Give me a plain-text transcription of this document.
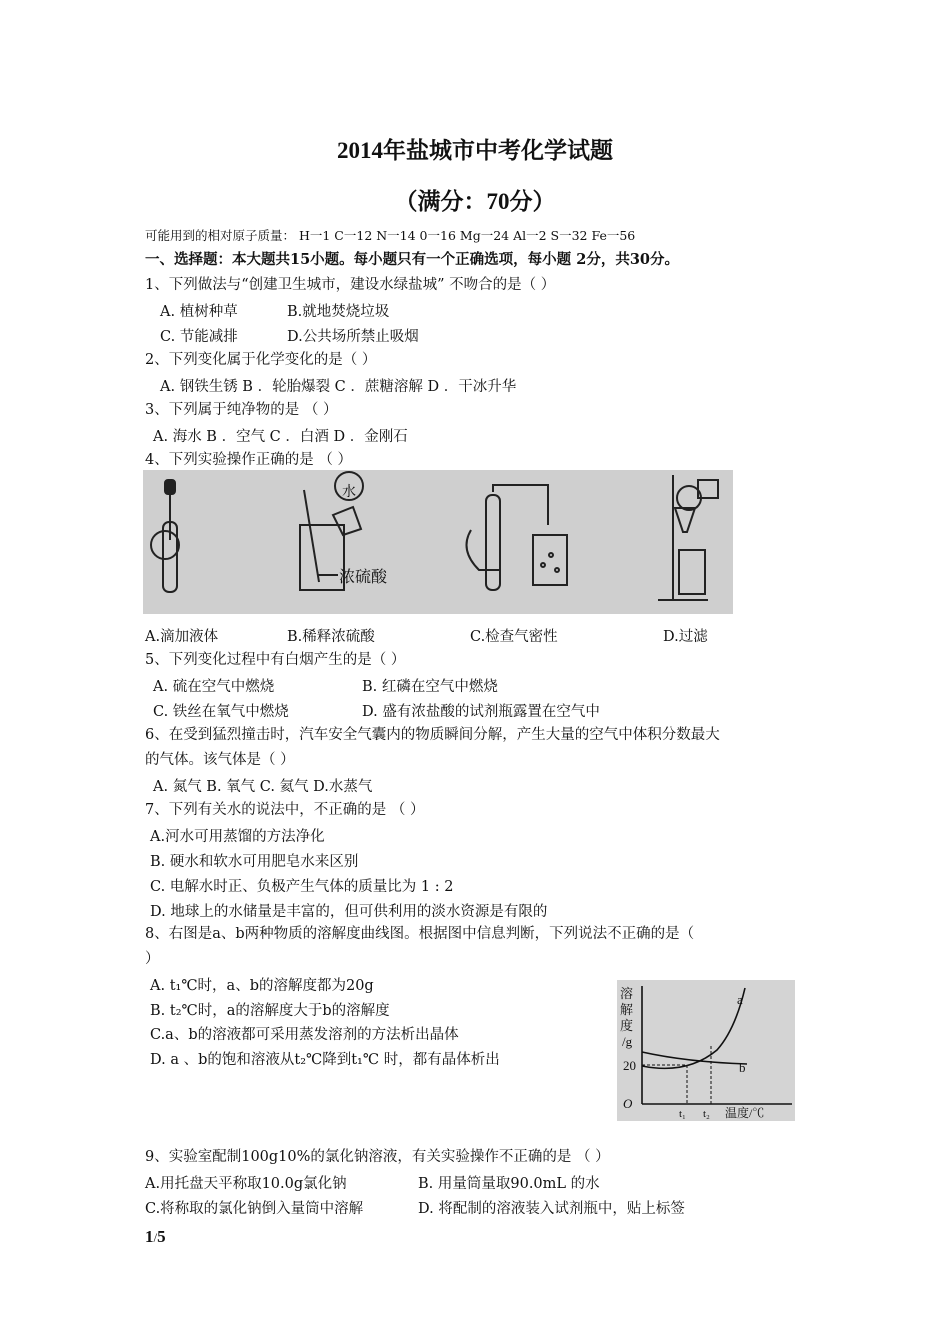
2014年盐城市中考化学试题
（满分：70分）
可能用到的相对原子质量： H一1 C一12 N一14 0一16 Mg一24 Al一2 S一32 Fe一56
一、选择题：本大题共15小题。每小题只有一个正确选项，每小题 2分，共30分。
1、下列做法与“创建卫生城市，建设水绿盐城” 不吻合的是（ ）
A. 植树种草	B.就地焚烧垃圾
C. 节能减排	D.公共场所禁止吸烟
2、下列变化属于化学变化的是（ ）
A. 钢铁生锈 B ．轮胎爆裂 C ．蔗糖溶解 D ．干冰升华
3、下列属于纯净物的是 （ ）
A. 海水 B ．空气 C ．白酒 D ．金刚石
4、下列实验操作正确的是 （ ）
水
浓硫酸
A.滴加液体	B.稀释浓硫酸	C.检查气密性	D.过滤
5、下列变化过程中有白烟产生的是（ ）
A. 硫在空气中燃烧	B. 红磷在空气中燃烧
C. 铁丝在氧气中燃烧	D. 盛有浓盐酸的试剂瓶露置在空气中
6、在受到猛烈撞击时，汽车安全气囊内的物质瞬间分解，产生大量的空气中体积分数最大
的气体。该气体是（ ）
A. 氮气 B. 氧气 C. 氦气 D.水蒸气
7、下列有关水的说法中，不正确的是 （ ）
A.河水可用蒸馏的方法净化
B. 硬水和软水可用肥皂水来区别
C. 电解水时正、负极产生气体的质量比为 1 : 2
D. 地球上的水储量是丰富的，但可供利用的淡水资源是有限的
8、右图是a、b两种物质的溶解度曲线图。根据图中信息判断，下列说法不正确的是（
）
A. t₁℃时，a、b的溶解度都为20g
B. t₂℃时，a的溶解度大于b的溶解度
C.a、b的溶液都可采用蒸发溶剂的方法析出晶体
D. a 、b的饱和溶液从t₂℃降到t₁℃ 时，都有晶体析出
溶
解
度
/g
20
O
a
b
t₁ t₂ 温度/℃
9、实验室配制100g10%的氯化钠溶液，有关实验操作不正确的是 （ ）
A.用托盘天平称取10.0g氯化钠	B. 用量筒量取90.0mL 的水
C.将称取的氯化钠倒入量筒中溶解	D. 将配制的溶液装入试剂瓶中，贴上标签
1/5
